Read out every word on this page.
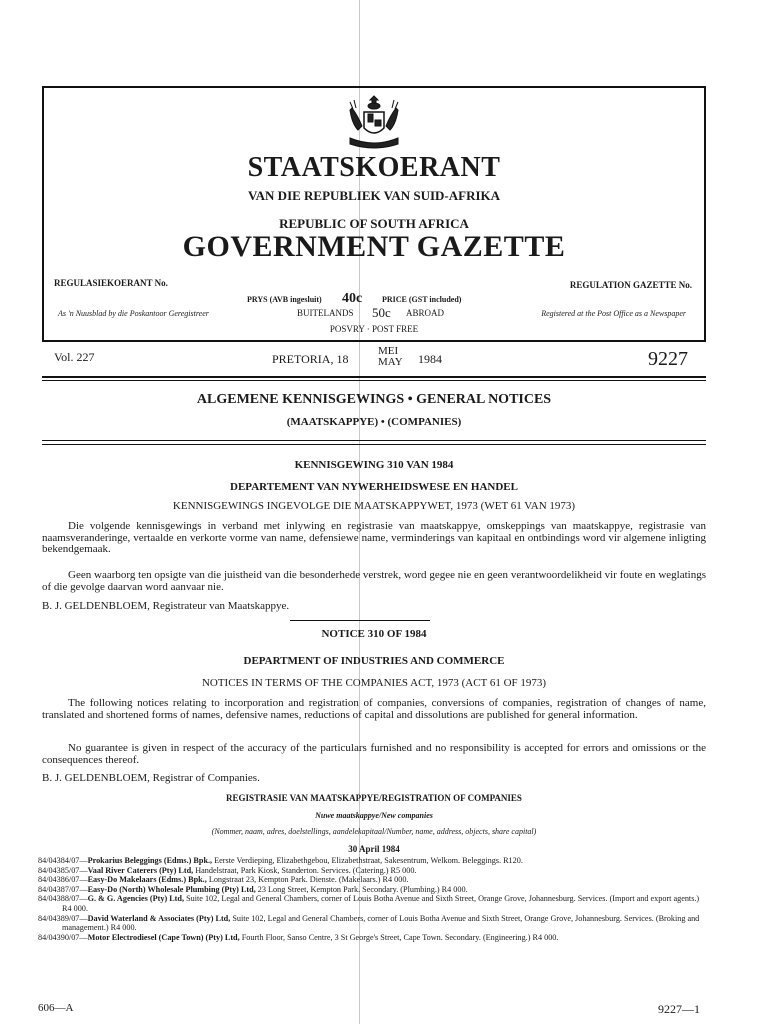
STAATSKOERANT
VAN DIE REPUBLIEK VAN SUID-AFRIKA
REPUBLIC OF SOUTH AFRICA
GOVERNMENT GAZETTE
REGULASIEKOERANT No.	REGULATION GAZETTE No.
PRYS (AVB ingesluit) 40c PRICE (GST included)
As 'n Nuusblad by die Poskantoor Geregistreer	BUITELANDS 50c ABROAD	Registered at the Post Office as a Newspaper
POSVRY · POST FREE
Vol. 227	PRETORIA, 18
MEI
MAY 1984	9227
ALGEMENE KENNISGEWINGS • GENERAL NOTICES
(MAATSKAPPYE) • (COMPANIES)
KENNISGEWING 310 VAN 1984
DEPARTEMENT VAN NYWERHEIDSWESE EN HANDEL
KENNISGEWINGS INGEVOLGE DIE MAATSKAPPYWET, 1973 (WET 61 VAN 1973)
Die volgende kennisgewings in verband met inlywing en registrasie van maatskappye, omskeppings van maatskappye, registrasie van naamsveranderinge, vertaalde en verkorte vorme van name, defensiewe name, verminderings van kapitaal en ontbindings word vir algemene inligting bekendgemaak.
Geen waarborg ten opsigte van die juistheid van die besonderhede verstrek, word gegee nie en geen verantwoordelikheid vir foute en weglatings of die gevolge daarvan word aanvaar nie.
B. J. GELDENBLOEM, Registrateur van Maatskappye.
NOTICE 310 OF 1984
DEPARTMENT OF INDUSTRIES AND COMMERCE
NOTICES IN TERMS OF THE COMPANIES ACT, 1973 (ACT 61 OF 1973)
The following notices relating to incorporation and registration of companies, conversions of companies, registration of changes of name, translated and shortened forms of names, defensive names, reductions of capital and dissolutions are published for general information.
No guarantee is given in respect of the accuracy of the particulars furnished and no responsibility is accepted for errors and omissions or the consequences thereof.
B. J. GELDENBLOEM, Registrar of Companies.
REGISTRASIE VAN MAATSKAPPYE/REGISTRATION OF COMPANIES
Nuwe maatskappye/New companies
(Nommer, naam, adres, doelstellings, aandelekapitaal/Number, name, address, objects, share capital)
30 April 1984
84/04384/07—Prokarius Beleggings (Edms.) Bpk., Eerste Verdieping, Elizabethgebou, Elizabethstraat, Sakesentrum, Welkom. Beleggings. R120.
84/04385/07—Vaal River Caterers (Pty) Ltd, Handelstraat, Park Kiosk, Standerton. Services. (Catering.) R5 000.
84/04386/07—Easy-Do Makelaars (Edms.) Bpk., Longstraat 23, Kempton Park. Dienste. (Makelaars.) R4 000.
84/04387/07—Easy-Do (North) Wholesale Plumbing (Pty) Ltd, 23 Long Street, Kempton Park. Secondary. (Plumbing.) R4 000.
84/04388/07—G. & G. Agencies (Pty) Ltd, Suite 102, Legal and General Chambers, corner of Louis Botha Avenue and Sixth Street, Orange Grove, Johannesburg. Services. (Import and export agents.) R4 000.
84/04389/07—David Waterland & Associates (Pty) Ltd, Suite 102, Legal and General Chambers, corner of Louis Botha Avenue and Sixth Street, Orange Grove, Johannesburg. Services. (Broking and management.) R4 000.
84/04390/07—Motor Electrodiesel (Cape Town) (Pty) Ltd, Fourth Floor, Sanso Centre, 3 St George's Street, Cape Town. Secondary. (Engineering.) R4 000.
606—A	9227—1
